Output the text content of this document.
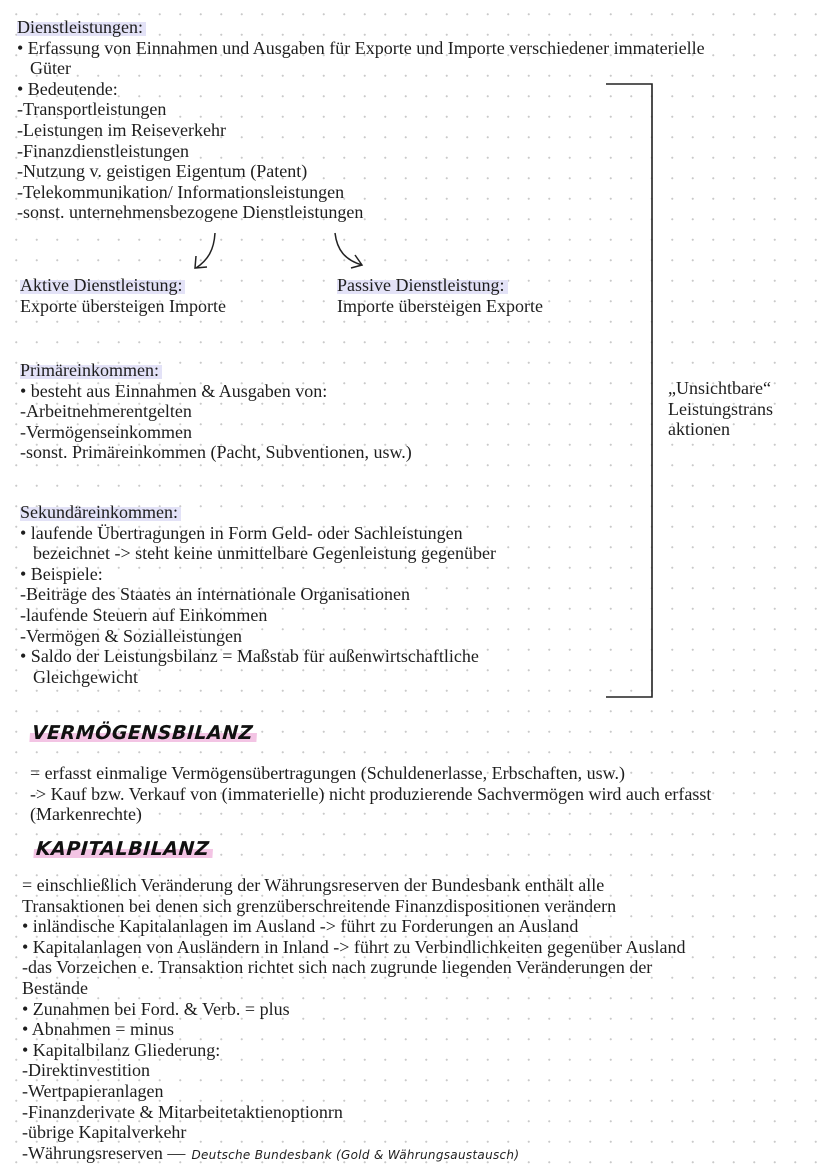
Dienstleistungen:
• Erfassung von Einnahmen und Ausgaben für Exporte und Importe verschiedener immaterielle
Güter
• Bedeutende:
-Transportleistungen
-Leistungen im Reiseverkehr
-Finanzdienstleistungen
-Nutzung v. geistigen Eigentum (Patent)
-Telekommunikation/ Informationsleistungen
-sonst. unternehmensbezogene Dienstleistungen
Aktive Dienstleistung:
Exporte übersteigen Importe
Passive Dienstleistung:
Importe übersteigen Exporte
Primäreinkommen:
• besteht aus Einnahmen & Ausgaben von:
-Arbeitnehmerentgelten
-Vermögenseinkommen
-sonst. Primäreinkommen (Pacht, Subventionen, usw.)
Sekundäreinkommen:
• laufende Übertragungen in Form Geld- oder Sachleistungen
bezeichnet -> steht keine unmittelbare Gegenleistung gegenüber
• Beispiele:
-Beiträge des Staates an internationale Organisationen
-laufende Steuern auf Einkommen
-Vermögen & Sozialleistungen
• Saldo der Leistungsbilanz = Maßstab für außenwirtschaftliche
Gleichgewicht
„Unsichtbare“
Leistungstrans
aktionen
VERMÖGENSBILANZ
= erfasst einmalige Vermögensübertragungen (Schuldenerlasse, Erbschaften, usw.)
-> Kauf bzw. Verkauf von (immaterielle) nicht produzierende Sachvermögen wird auch erfasst
(Markenrechte)
KAPITALBILANZ
= einschließlich Veränderung der Währungsreserven der Bundesbank enthält alle
Transaktionen bei denen sich grenzüberschreitende Finanzdispositionen verändern
• inländische Kapitalanlagen im Ausland -> führt zu Forderungen an Ausland
• Kapitalanlagen von Ausländern in Inland -> führt zu Verbindlichkeiten gegenüber Ausland
-das Vorzeichen e. Transaktion richtet sich nach zugrunde liegenden Veränderungen der
Bestände
• Zunahmen bei Ford. & Verb. = plus
• Abnahmen = minus
• Kapitalbilanz Gliederung:
-Direktinvestition
-Wertpapieranlagen
-Finanzderivate & Mitarbeitetaktienoptionrn
-übrige Kapitalverkehr
-Währungsreserven — Deutsche Bundesbank (Gold & Währungsaustausch)
